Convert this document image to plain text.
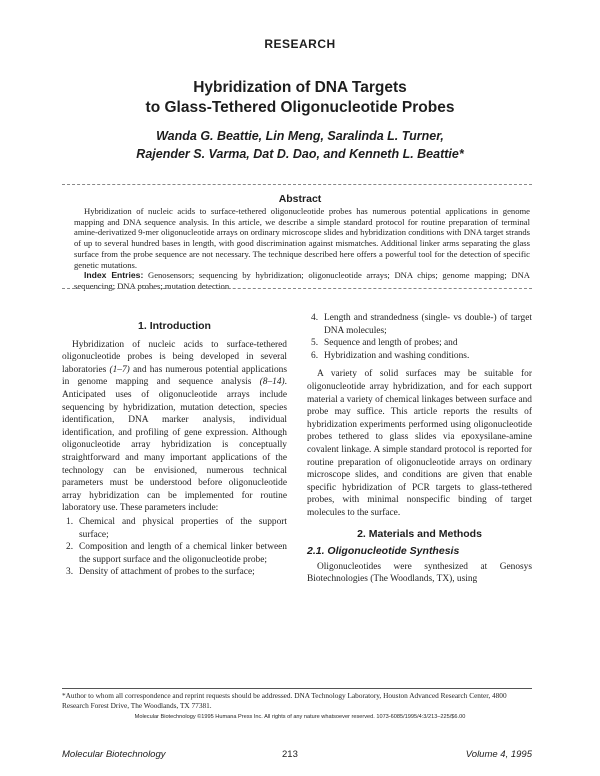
RESEARCH
Hybridization of DNA Targets
to Glass-Tethered Oligonucleotide Probes
Wanda G. Beattie, Lin Meng, Saralinda L. Turner,
Rajender S. Varma, Dat D. Dao, and Kenneth L. Beattie*
Abstract

Hybridization of nucleic acids to surface-tethered oligonucleotide probes has numerous potential applications in genome mapping and DNA sequence analysis. In this article, we describe a simple standard protocol for routine preparation of terminal amine-derivatized 9-mer oligonucleotide arrays on ordinary microscope slides and hybridization conditions with DNA target strands of up to several hundred bases in length, with good discrimination against mismatches. Additional linker arms separating the glass surface from the probe sequence are not necessary. The technique described here offers a powerful tool for the detection of specific genetic mutations.

Index Entries: Genosensors; sequencing by hybridization; oligonucleotide arrays; DNA chips; genome mapping; DNA sequencing; DNA probes; mutation detection.

1. Introduction

Hybridization of nucleic acids to surface-tethered oligonucleotide probes is being developed in several laboratories (1–7) and has numerous potential applications in genome mapping and sequence analysis (8–14). Anticipated uses of oligonucleotide arrays include sequencing by hybridization, mutation detection, species identification, DNA marker analysis, individual identification, and profiling of gene expression. Although oligonucleotide array hybridization is conceptually straightforward and many important applications of the technology can be envisioned, numerous technical parameters must be understood before oligonucleotide array hybridization can be implemented for routine laboratory use. These parameters include:

1. Chemical and physical properties of the support surface;
2. Composition and length of a chemical linker between the support surface and the oligonucleotide probe;
3. Density of attachment of probes to the surface;
4. Length and strandedness (single- vs double-) of target DNA molecules;
5. Sequence and length of probes; and
6. Hybridization and washing conditions.

A variety of solid surfaces may be suitable for oligonucleotide array hybridization, and for each support material a variety of chemical linkages between surface and probe may suffice. This article reports the results of hybridization experiments performed using oligonucleotide probes tethered to glass slides via epoxysilane-amine covalent linkage. A simple standard protocol is reported for routine preparation of oligonucleotide arrays on ordinary microscope slides, and conditions are given that enable specific hybridization of PCR targets to glass-tethered probes, with minimal nonspecific binding of target molecules to the surface.

2. Materials and Methods
2.1. Oligonucleotide Synthesis

Oligonucleotides were synthesized at Genosys Biotechnologies (The Woodlands, TX), using

*Author to whom all correspondence and reprint requests should be addressed. DNA Technology Laboratory, Houston Advanced Research Center, 4800 Research Forest Drive, The Woodlands, TX 77381.
Molecular Biotechnology ©1995 Humana Press Inc. All rights of any nature whatsoever reserved. 1073-6085/1995/4:3/213–225/$6.00
Molecular Biotechnology	213	Volume 4, 1995
